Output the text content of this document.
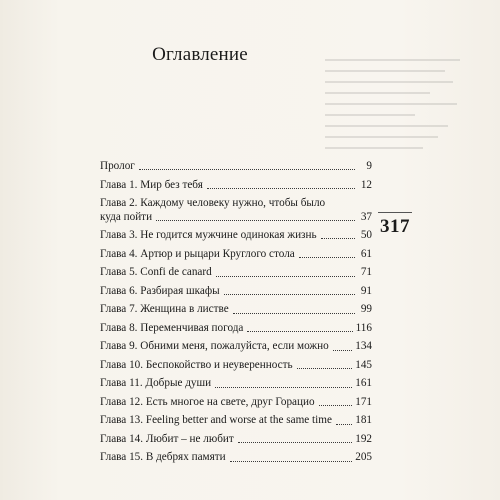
Оглавление
317
Пролог	9
Глава 1. Мир без тебя	12
Глава 2. Каждому человеку нужно, чтобы было
куда пойти	37
Глава 3. Не годится мужчине одинокая жизнь	50
Глава 4. Артюр и рыцари Круглого стола	61
Глава 5. Confi de canard	71
Глава 6. Разбирая шкафы	91
Глава 7. Женщина в листве	99
Глава 8. Переменчивая погода	116
Глава 9. Обними меня, пожалуйста, если можно 134
Глава 10. Беспокойство и неуверенность	145
Глава 11. Добрые души	161
Глава 12. Есть многое на свете, друг Горацио	171
Глава 13. Feeling better and worse at the same time 181
Глава 14. Любит – не любит	192
Глава 15. В дебрях памяти	205
